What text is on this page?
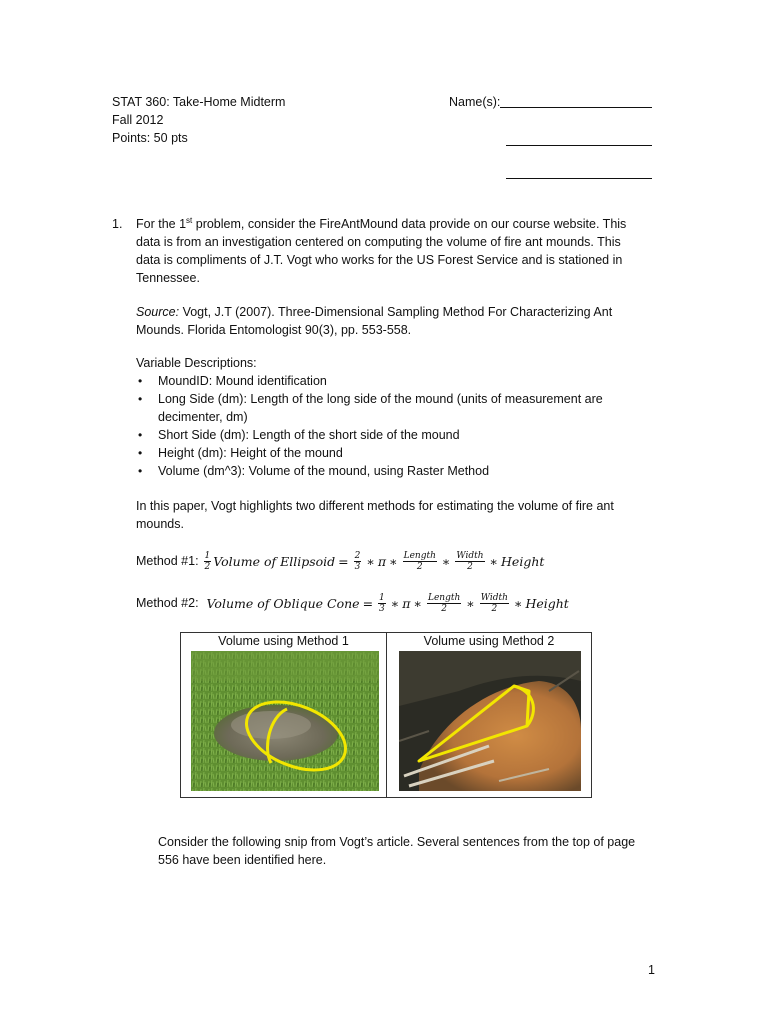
STAT 360: Take-Home Midterm
Fall 2012
Points: 50 pts
Name(s):
1. For the 1st problem, consider the FireAntMound data provide on our course website. This
data is from an investigation centered on computing the volume of fire ant mounds. This
data is compliments of J.T. Vogt who works for the US Forest Service and is stationed in
Tennessee.
Source: Vogt, J.T (2007). Three-Dimensional Sampling Method For Characterizing Ant
Mounds. Florida Entomologist 90(3), pp. 553-558.
Variable Descriptions:
• MoundID: Mound identification
• Long Side (dm): Length of the long side of the mound (units of measurement are
decimenter, dm)
• Short Side (dm): Length of the short side of the mound
• Height (dm): Height of the mound
• Volume (dm^3): Volume of the mound, using Raster Method
In this paper, Vogt highlights two different methods for estimating the volume of fire ant
mounds.
Method #1: $\frac{1}{2}$ Volume of Ellipsoid = $\frac{2}{3}$ ∗ π ∗ $\frac{\text{Length}}{2}$ ∗ $\frac{\text{Width}}{2}$ ∗ Height
Method #2: Volume of Oblique Cone = $\frac{1}{3}$ ∗ π ∗ $\frac{\text{Length}}{2}$ ∗ $\frac{\text{Width}}{2}$ ∗ Height
Volume using Method 1	Volume using Method 2
Consider the following snip from Vogt’s article. Several sentences from the top of page
556 have been identified here.
1
